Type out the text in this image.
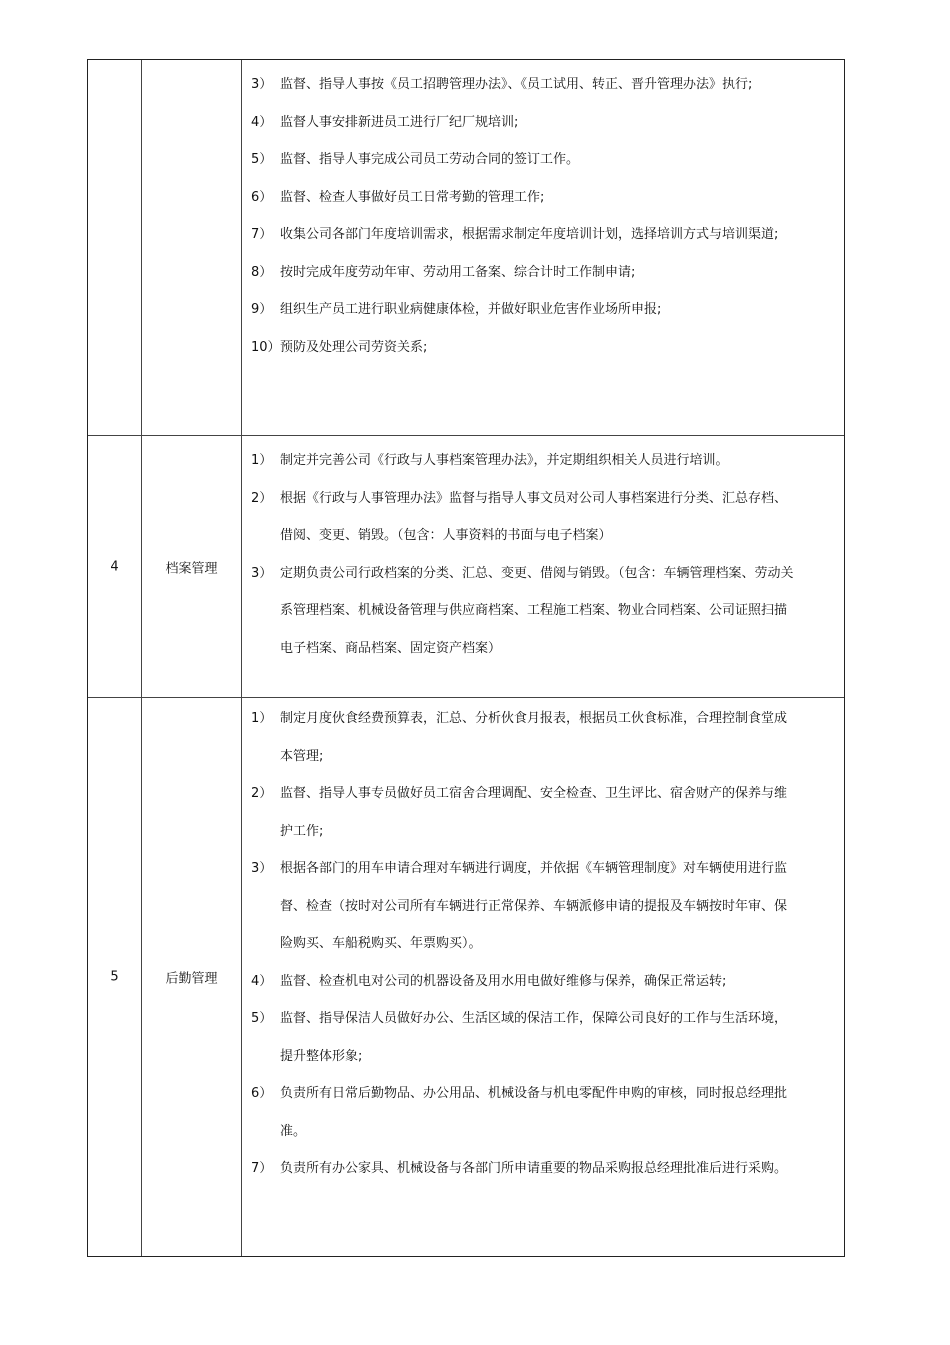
3） 监督、指导人事按《员工招聘管理办法》、《员工试用、转正、晋升管理办法》执行;
4） 监督人事安排新进员工进行厂纪厂规培训;
5） 监督、指导人事完成公司员工劳动合同的签订工作。
6） 监督、检查人事做好员工日常考勤的管理工作;
7） 收集公司各部门年度培训需求，根据需求制定年度培训计划，选择培训方式与培训渠道;
8） 按时完成年度劳动年审、劳动用工备案、综合计时工作制申请;
9） 组织生产员工进行职业病健康体检，并做好职业危害作业场所申报;
10） 预防及处理公司劳资关系;
4	档案管理
1） 制定并完善公司《行政与人事档案管理办法》，并定期组织相关人员进行培训。
2） 根据《行政与人事管理办法》监督与指导人事文员对公司人事档案进行分类、汇总存档、借阅、变更、销毁。（包含：人事资料的书面与电子档案）
3） 定期负责公司行政档案的分类、汇总、变更、借阅与销毁。（包含：车辆管理档案、劳动关系管理档案、机械设备管理与供应商档案、工程施工档案、物业合同档案、公司证照扫描电子档案、商品档案、固定资产档案）
5	后勤管理
1） 制定月度伙食经费预算表，汇总、分析伙食月报表，根据员工伙食标准，合理控制食堂成本管理;
2） 监督、指导人事专员做好员工宿舍合理调配、安全检查、卫生评比、宿舍财产的保养与维护工作;
3） 根据各部门的用车申请合理对车辆进行调度，并依据《车辆管理制度》对车辆使用进行监督、检查（按时对公司所有车辆进行正常保养、车辆派修申请的提报及车辆按时年审、保险购买、车船税购买、年票购买）。
4） 监督、检查机电对公司的机器设备及用水用电做好维修与保养，确保正常运转;
5） 监督、指导保洁人员做好办公、生活区域的保洁工作，保障公司良好的工作与生活环境，提升整体形象;
6） 负责所有日常后勤物品、办公用品、机械设备与机电零配件申购的审核，同时报总经理批准。
7） 负责所有办公家具、机械设备与各部门所申请重要的物品采购报总经理批准后进行采购。
